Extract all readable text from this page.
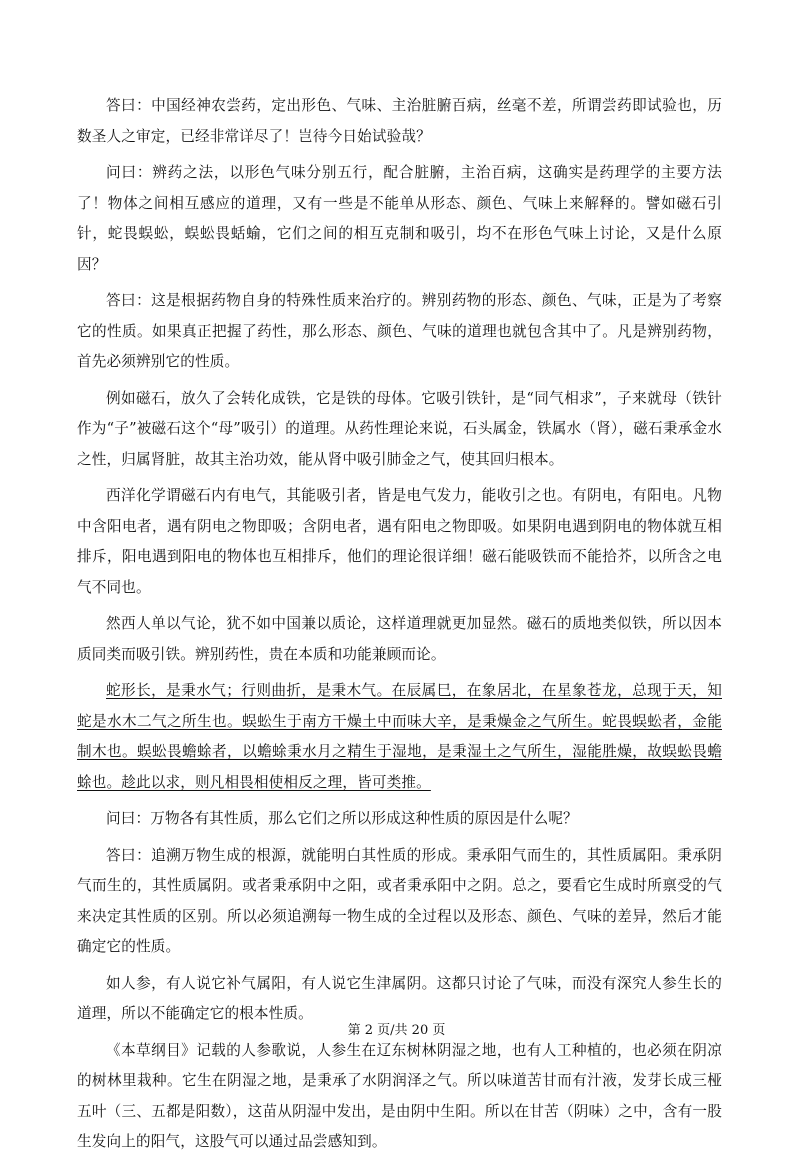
答曰：中国经神农尝药，定出形色、气味、主治脏腑百病，丝毫不差，所谓尝药即试验也，历数圣人之审定，已经非常详尽了！岂待今日始试验哉？

问曰：辨药之法，以形色气味分别五行，配合脏腑，主治百病，这确实是药理学的主要方法了！物体之间相互感应的道理，又有一些是不能单从形态、颜色、气味上来解释的。譬如磁石引针，蛇畏蜈蚣，蜈蚣畏蛞蝓，它们之间的相互克制和吸引，均不在形色气味上讨论，又是什么原因？

答曰：这是根据药物自身的特殊性质来治疗的。辨别药物的形态、颜色、气味，正是为了考察它的性质。如果真正把握了药性，那么形态、颜色、气味的道理也就包含其中了。凡是辨别药物，首先必须辨别它的性质。

例如磁石，放久了会转化成铁，它是铁的母体。它吸引铁针，是“同气相求”，子来就母（铁针作为“子”被磁石这个“母”吸引）的道理。从药性理论来说，石头属金，铁属水（肾），磁石秉承金水之性，归属肾脏，故其主治功效，能从肾中吸引肺金之气，使其回归根本。

西洋化学谓磁石内有电气，其能吸引者，皆是电气发力，能收引之也。有阴电，有阳电。凡物中含阳电者，遇有阴电之物即吸；含阴电者，遇有阳电之物即吸。如果阴电遇到阴电的物体就互相排斥，阳电遇到阳电的物体也互相排斥，他们的理论很详细！磁石能吸铁而不能拾芥，以所含之电气不同也。

然西人单以气论，犹不如中国兼以质论，这样道理就更加显然。磁石的质地类似铁，所以因本质同类而吸引铁。辨别药性，贵在本质和功能兼顾而论。

蛇形长，是秉水气；行则曲折，是秉木气。在辰属巳，在象居北，在星象苍龙，总现于天，知蛇是水木二气之所生也。蜈蚣生于南方干燥土中而味大辛，是秉燥金之气所生。蛇畏蜈蚣者，金能制木也。蜈蚣畏蟾蜍者，以蟾蜍秉水月之精生于湿地，是秉湿土之气所生，湿能胜燥，故蜈蚣畏蟾蜍也。趁此以求，则凡相畏相使相反之理，皆可类推。

问曰：万物各有其性质，那么它们之所以形成这种性质的原因是什么呢？

答曰：追溯万物生成的根源，就能明白其性质的形成。秉承阳气而生的，其性质属阳。秉承阴气而生的，其性质属阴。或者秉承阴中之阳，或者秉承阳中之阴。总之，要看它生成时所禀受的气来决定其性质的区别。所以必须追溯每一物生成的全过程以及形态、颜色、气味的差异，然后才能确定它的性质。

如人参，有人说它补气属阳，有人说它生津属阴。这都只讨论了气味，而没有深究人参生长的道理，所以不能确定它的根本性质。

《本草纲目》记载的人参歌说，人参生在辽东树林阴湿之地，也有人工种植的，也必须在阴凉的树林里栽种。它生在阴湿之地，是秉承了水阴润泽之气。所以味道苦甘而有汁液，发芽长成三桠五叶（三、五都是阳数），这苗从阴湿中发出，是由阴中生阳。所以在甘苦（阴味）之中，含有一股生发向上的阳气，这股气可以通过品尝感知到。

第 2 页/共 20 页
